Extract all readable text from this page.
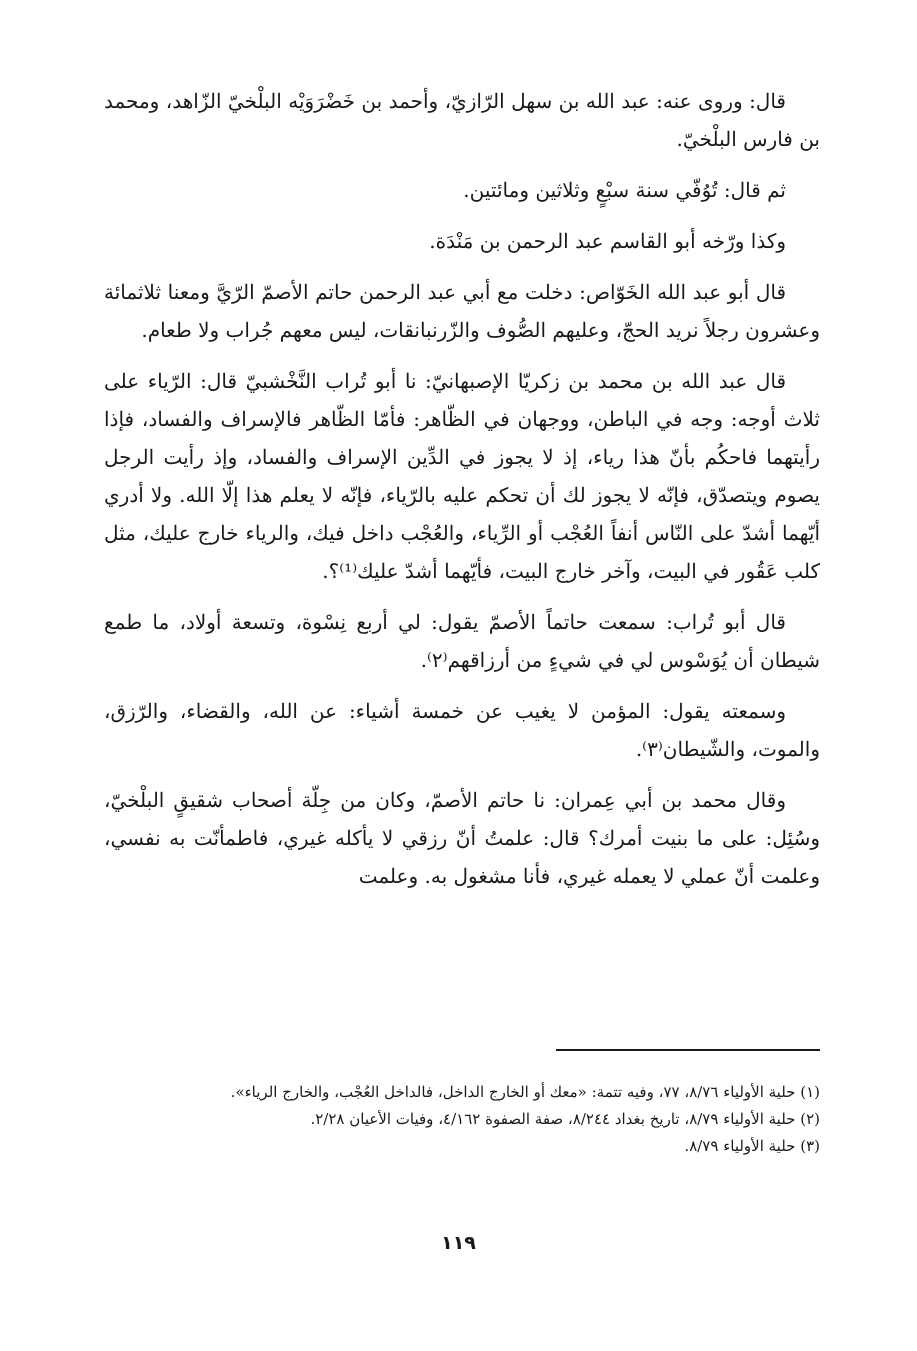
قال: وروى عنه: عبد الله بن سهل الرّازيّ، وأحمد بن خَضْرَوَيْه البلْخيّ الزّاهد، ومحمد بن فارس البلْخيّ.

ثم قال: تُوُفّي سنة سبْعٍ وثلاثين ومائتين.

وكذا ورّخه أبو القاسم عبد الرحمن بن مَنْدَة.

قال أبو عبد الله الخَوّاص: دخلت مع أبي عبد الرحمن حاتم الأصمّ الرّيَّ ومعنا ثلاثمائة وعشرون رجلاً نريد الحجّ، وعليهم الصُّوف والزّرنبانقات، ليس معهم جُراب ولا طعام.

قال عبد الله بن محمد بن زكريّا الإصبهانيّ: نا أبو تُراب النَّخْشبيّ قال: الرّياء على ثلاث أوجه: وجه في الباطن، ووجهان في الظّاهر: فأمّا الظّاهر فالإسراف والفساد، فإذا رأيتهما فاحكُم بأنّ هذا رياء، إذ لا يجوز في الدِّين الإسراف والفساد، وإذ رأيت الرجل يصوم ويتصدّق، فإنّه لا يجوز لك أن تحكم عليه بالرّياء، فإنّه لا يعلم هذا إلّا الله. ولا أدري أيّهما أشدّ على النّاس أنفاً العُجْب أو الرِّياء، والعُجْب داخل فيك، والرياء خارج عليك، مثل كلب عَقُور في البيت، وآخر خارج البيت، فأيّهما أشدّ عليك⁽¹⁾؟.

قال أبو تُراب: سمعت حاتماً الأصمّ يقول: لي أربع نِسْوة، وتسعة أولاد، ما طمع شيطان أن يُوَسْوس لي في شيءٍ من أرزاقهم⁽٢⁾.

وسمعته يقول: المؤمن لا يغيب عن خمسة أشياء: عن الله، والقضاء، والرّزق، والموت، والشّيطان⁽٣⁾.

وقال محمد بن أبي عِمران: نا حاتم الأصمّ، وكان من جِلّة أصحاب شقيقٍ البلْخيّ، وسُئِل: على ما بنيت أمرك؟ قال: علمتُ أنّ رزقي لا يأكله غيري، فاطمأنّت به نفسي، وعلمت أنّ عملي لا يعمله غيري، فأنا مشغول به. وعلمت

(١) حلية الأولياء ٨/٧٦، ٧٧، وفيه تتمة: «معك أو الخارج الداخل، فالداخل العُجْب، والخارج الرياء».

(٢) حلية الأولياء ٨/٧٩، تاريخ بغداد ٨/٢٤٤، صفة الصفوة ٤/١٦٢، وفيات الأعيان ٢/٢٨.

(٣) حلية الأولياء ٨/٧٩.

١١٩
